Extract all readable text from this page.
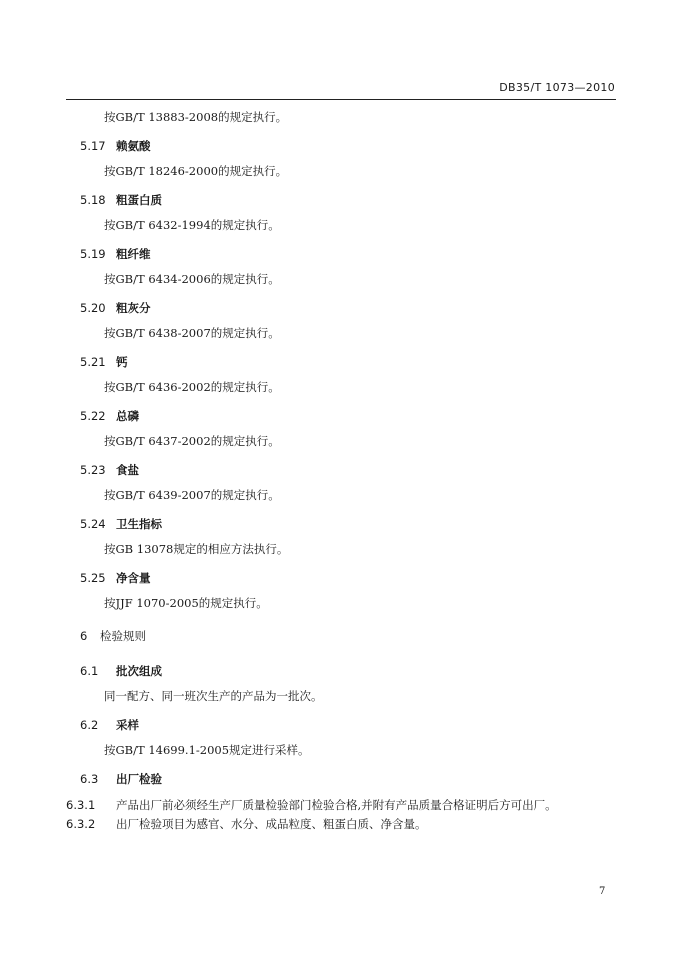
DB35/T 1073—2010
按GB/T 13883-2008的规定执行。
5.17 赖氨酸
按GB/T 18246-2000的规定执行。
5.18 粗蛋白质
按GB/T 6432-1994的规定执行。
5.19 粗纤维
按GB/T 6434-2006的规定执行。
5.20 粗灰分
按GB/T 6438-2007的规定执行。
5.21 钙
按GB/T 6436-2002的规定执行。
5.22 总磷
按GB/T 6437-2002的规定执行。
5.23 食盐
按GB/T 6439-2007的规定执行。
5.24 卫生指标
按GB 13078规定的相应方法执行。
5.25 净含量
按JJF 1070-2005的规定执行。
6 检验规则
6.1 批次组成
同一配方、同一班次生产的产品为一批次。
6.2 采样
按GB/T 14699.1-2005规定进行采样。
6.3 出厂检验
6.3.1 产品出厂前必须经生产厂质量检验部门检验合格,并附有产品质量合格证明后方可出厂。
6.3.2 出厂检验项目为感官、水分、成品粒度、粗蛋白质、净含量。
7
